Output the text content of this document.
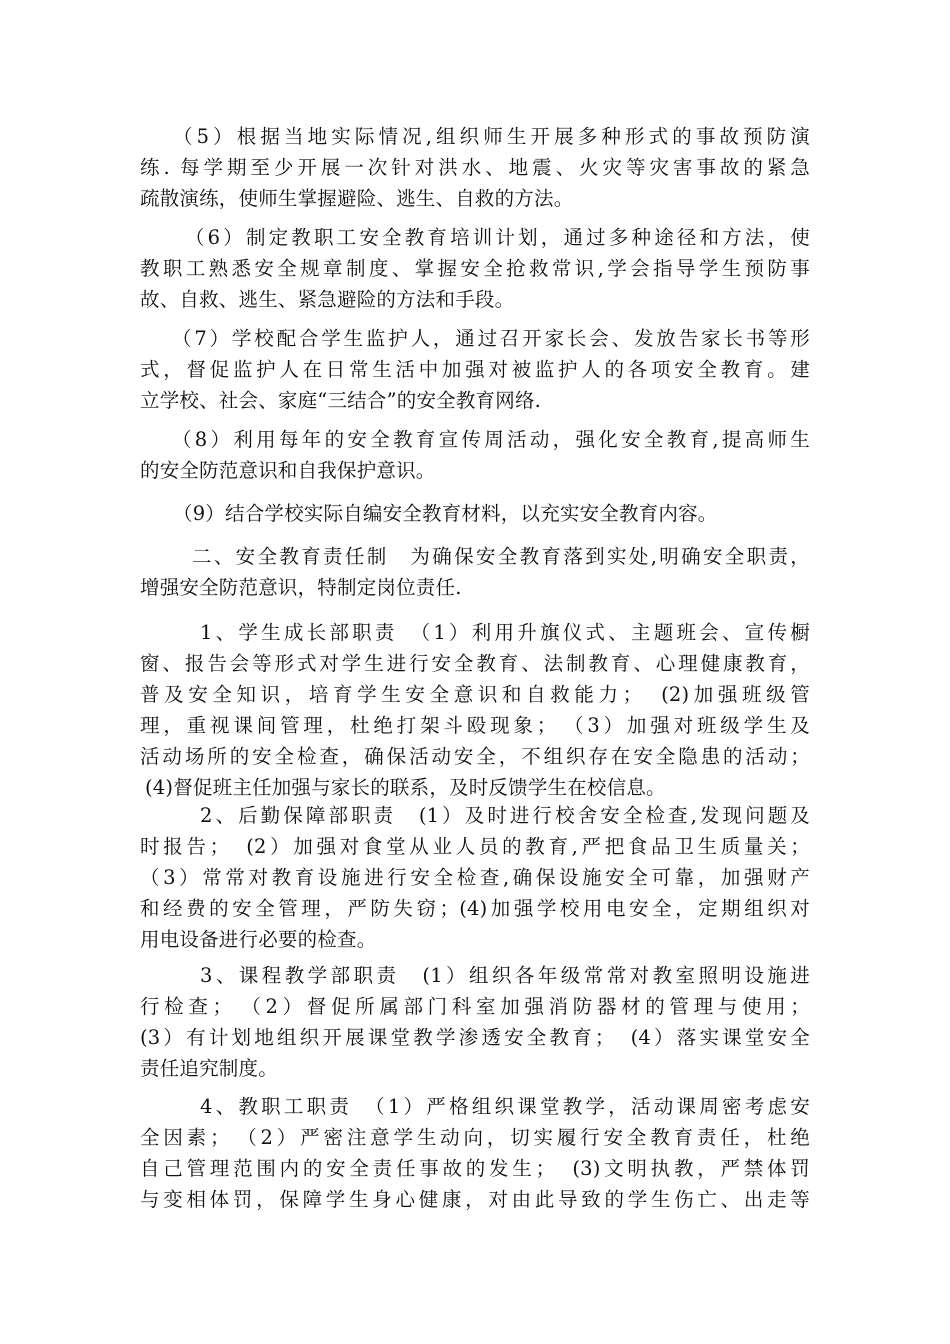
（5）根据当地实际情况,组织师生开展多种形式的事故预防演
练. 每学期至少开展一次针对洪水、地震、火灾等灾害事故的紧急
疏散演练，使师生掌握避险、逃生、自救的方法。
（6）制定教职工安全教育培训计划，通过多种途径和方法，使
教职工熟悉安全规章制度、掌握安全抢救常识,学会指导学生预防事
故、自救、逃生、紧急避险的方法和手段。
（7）学校配合学生监护人，通过召开家长会、发放告家长书等形
式，督促监护人在日常生活中加强对被监护人的各项安全教育。建
立学校、社会、家庭“三结合”的安全教育网络.
（8）利用每年的安全教育宣传周活动，强化安全教育,提高师生
的安全防范意识和自我保护意识。
（9）结合学校实际自编安全教育材料，以充实安全教育内容。
二、安全教育责任制　为确保安全教育落到实处,明确安全职责，
增强安全防范意识，特制定岗位责任.
1、学生成长部职责　（1）利用升旗仪式、主题班会、宣传橱
窗、报告会等形式对学生进行安全教育、法制教育、心理健康教育，
普及安全知识，培育学生安全意识和自救能力；　(2)加强班级管
理，重视课间管理，杜绝打架斗殴现象；　（3）加强对班级学生及
活动场所的安全检查，确保活动安全，不组织存在安全隐患的活动；
(4)督促班主任加强与家长的联系，及时反馈学生在校信息。
2、后勤保障部职责　(1）及时进行校舍安全检查,发现问题及
时报告；　(2）加强对食堂从业人员的教育,严把食品卫生质量关；
（3）常常对教育设施进行安全检查,确保设施安全可靠，加强财产
和经费的安全管理，严防失窃；(4)加强学校用电安全，定期组织对
用电设备进行必要的检查。
3、课程教学部职责　(1）组织各年级常常对教室照明设施进
行检查；　（2）督促所属部门科室加强消防器材的管理与使用；
(3）有计划地组织开展课堂教学渗透安全教育；　(4）落实课堂安全
责任追究制度。
4、教职工职责　（1）严格组织课堂教学，活动课周密考虑安
全因素；　（2）严密注意学生动向，切实履行安全教育责任，杜绝
自己管理范围内的安全责任事故的发生；　(3)文明执教，严禁体罚
与变相体罚，保障学生身心健康，对由此导致的学生伤亡、出走等
